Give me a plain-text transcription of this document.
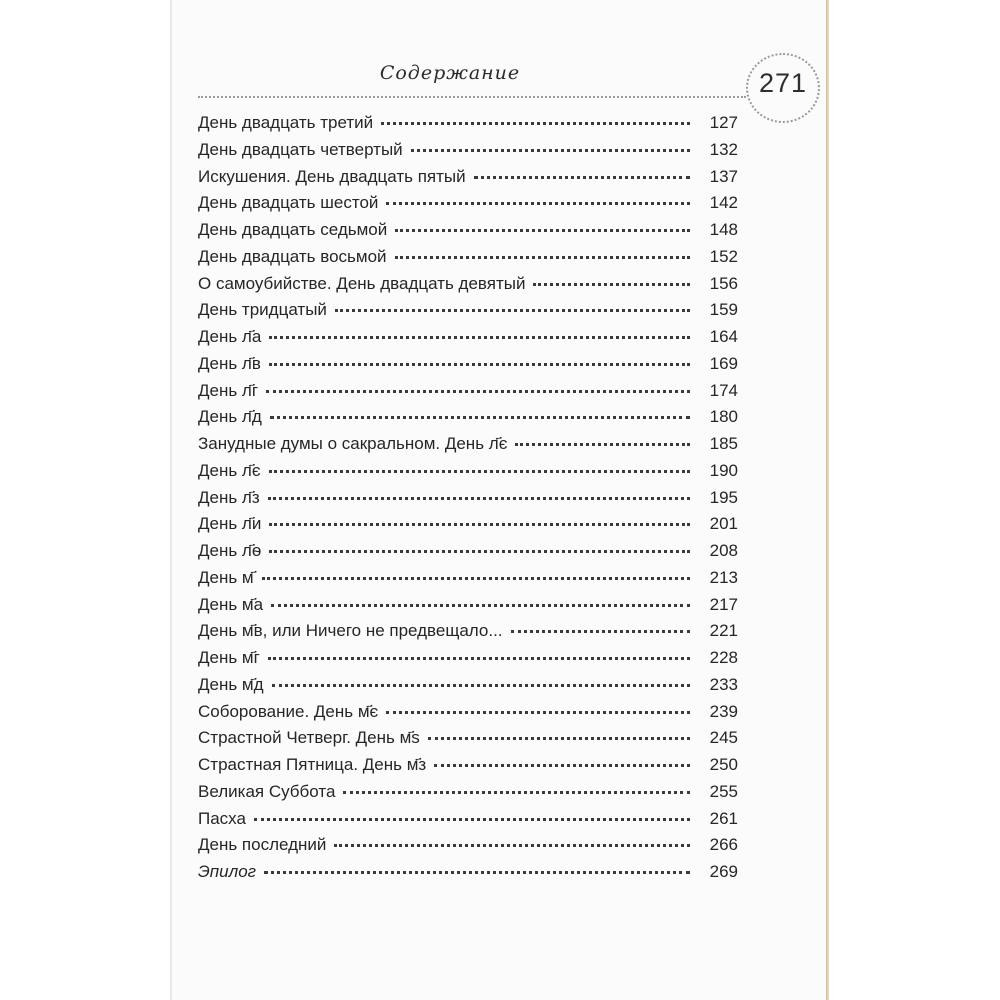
Содержание	271
День двадцать третий	127
День двадцать четвертый	132
Искушения. День двадцать пятый	137
День двадцать шестой	142
День двадцать седьмой	148
День двадцать восьмой	152
О самоубийстве. День двадцать девятый	156
День тридцатый	159
День л҃а	164
День л҃в	169
День л҃г	174
День л҃д	180
Занудные думы о сакральном. День л҃є	185
День л҃є	190
День л҃з	195
День л҃и	201
День л҃ѳ	208
День м҃	213
День м҃а	217
День м҃в, или Ничего не предвещало...	221
День м҃г	228
День м҃д	233
Соборование. День м҃є	239
Страстной Четверг. День м҃ѕ	245
Страстная Пятница. День м҃з	250
Великая Суббота	255
Пасха	261
День последний	266
Эпилог	269
